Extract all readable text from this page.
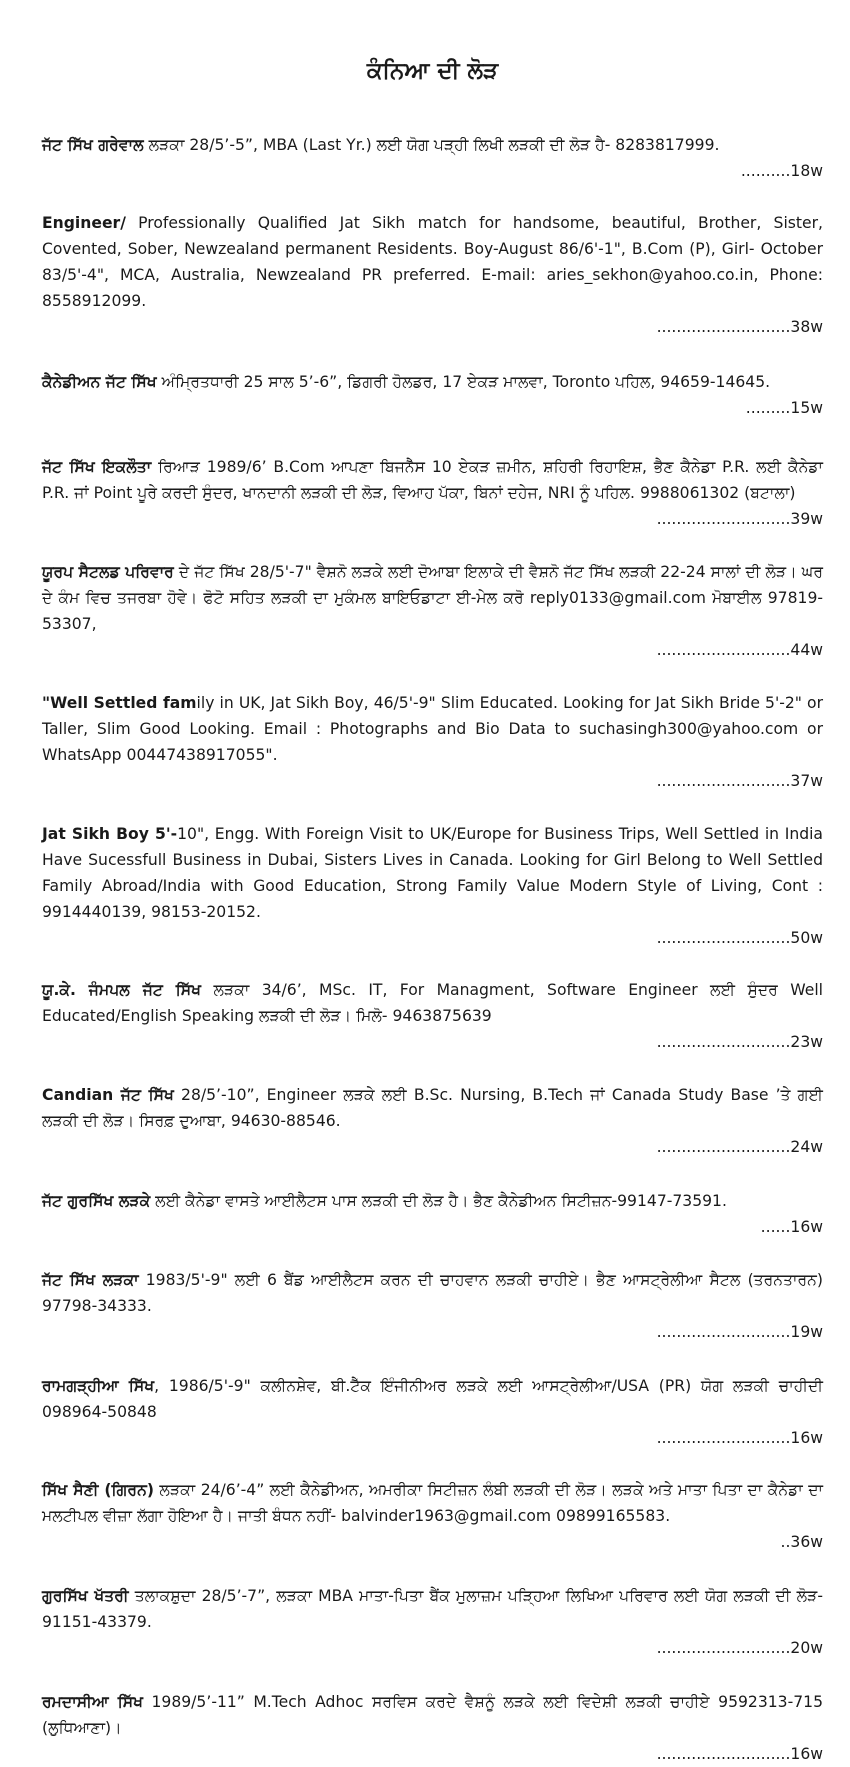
ਕੰਨਿਆ ਦੀ ਲੋੜ

ਜੱਟ ਸਿੱਖ ਗਰੇਵਾਲ ਲੜਕਾ 28/5’-5”, MBA (Last Yr.) ਲਈ ਯੋਗ ਪੜ੍ਹੀ ਲਿਖੀ ਲੜਕੀ ਦੀ ਲੋੜ ਹੈ- 8283817999.

..........18w

Engineer/ Professionally Qualified Jat Sikh match for handsome, beautiful, Brother, Sister, Covented, Sober, Newzealand permanent Residents. Boy-August 86/6'-1", B.Com (P), Girl- October 83/5'-4", MCA, Australia, Newzealand PR preferred. E-mail: aries_sekhon@yahoo.co.in, Phone: 8558912099.

...........................38w

ਕੈਨੇਡੀਅਨ ਜੱਟ ਸਿੱਖ ਅੰਮ੍ਰਿਤਧਾਰੀ 25 ਸਾਲ 5’-6”, ਡਿਗਰੀ ਹੋਲਡਰ, 17 ਏਕੜ ਮਾਲਵਾ, Toronto ਪਹਿਲ, 94659-14645.

.........15w

ਜੱਟ ਸਿੱਖ ਇਕਲੌਤਾ ਰਿਆੜ 1989/6’ B.Com ਆਪਣਾ ਬਿਜਨੈੱਸ 10 ਏਕੜ ਜ਼ਮੀਨ, ਸ਼ਹਿਰੀ ਰਿਹਾਇਸ਼, ਭੈਣ ਕੈਨੇਡਾ P.R. ਲਈ ਕੈਨੇਡਾ P.R. ਜਾਂ Point ਪੂਰੇ ਕਰਦੀ ਸੁੰਦਰ, ਖਾਨਦਾਨੀ ਲੜਕੀ ਦੀ ਲੋੜ, ਵਿਆਹ ਪੱਕਾ, ਬਿਨਾਂ ਦਹੇਜ, NRI ਨੂੰ ਪਹਿਲ. 9988061302 (ਬਟਾਲਾ)

...........................39w

ਯੂਰਪ ਸੈਟਲਡ ਪਰਿਵਾਰ ਦੇ ਜੱਟ ਸਿੱਖ 28/5'-7" ਵੈਸ਼ਨੋ ਲੜਕੇ ਲਈ ਦੋਆਬਾ ਇਲਾਕੇ ਦੀ ਵੈਸ਼ਨੋ ਜੱਟ ਸਿੱਖ ਲੜਕੀ 22-24 ਸਾਲਾਂ ਦੀ ਲੋੜ। ਘਰ ਦੇ ਕੰਮ ਵਿਚ ਤਜਰਬਾ ਹੋਵੇ। ਫੋਟੋ ਸਹਿਤ ਲੜਕੀ ਦਾ ਮੁਕੰਮਲ ਬਾਇਓਡਾਟਾ ਈ-ਮੇਲ ਕਰੋ reply0133@gmail.com ਮੋਬਾਈਲ 97819-53307,

...........................44w

"Well Settled family in UK, Jat Sikh Boy, 46/5'-9" Slim Educated. Looking for Jat Sikh Bride 5'-2" or Taller, Slim Good Looking. Email : Photographs and Bio Data to suchasingh300@yahoo.com or WhatsApp 00447438917055".

...........................37w

Jat Sikh Boy 5'-10", Engg. With Foreign Visit to UK/Europe for Business Trips, Well Settled in India Have Sucessfull Business in Dubai, Sisters Lives in Canada. Looking for Girl Belong to Well Settled Family Abroad/India with Good Education, Strong Family Value Modern Style of Living, Cont : 9914440139, 98153-20152.

...........................50w

ਯੂ.ਕੇ. ਜੰਮਪਲ ਜੱਟ ਸਿੱਖ ਲੜਕਾ 34/6’, MSc. IT, For Managment, Software Engineer ਲਈ ਸੁੰਦਰ Well Educated/English Speaking ਲੜਕੀ ਦੀ ਲੋੜ। ਮਿਲੋ- 9463875639

...........................23w

Candian ਜੱਟ ਸਿੱਖ 28/5’-10”, Engineer ਲੜਕੇ ਲਈ B.Sc. Nursing, B.Tech ਜਾਂ Canada Study Base ’ਤੇ ਗਈ ਲੜਕੀ ਦੀ ਲੋੜ। ਸਿਰਫ਼ ਦੁਆਬਾ, 94630-88546.

...........................24w

ਜੱਟ ਗੁਰਸਿੱਖ ਲੜਕੇ ਲਈ ਕੈਨੇਡਾ ਵਾਸਤੇ ਆਈਲੈਟਸ ਪਾਸ ਲੜਕੀ ਦੀ ਲੋੜ ਹੈ। ਭੈਣ ਕੈਨੇਡੀਅਨ ਸਿਟੀਜ਼ਨ-99147-73591.

......16w

ਜੱਟ ਸਿੱਖ ਲੜਕਾ 1983/5'-9" ਲਈ 6 ਬੈਂਡ ਆਈਲੈਟਸ ਕਰਨ ਦੀ ਚਾਹਵਾਨ ਲੜਕੀ ਚਾਹੀਏ। ਭੈਣ ਆਸਟ੍ਰੇਲੀਆ ਸੈਟਲ (ਤਰਨਤਾਰਨ) 97798-34333.

...........................19w

ਰਾਮਗੜ੍ਹੀਆ ਸਿੱਖ, 1986/5'-9" ਕਲੀਨਸ਼ੇਵ, ਬੀ.ਟੈੱਕ ਇੰਜੀਨੀਅਰ ਲੜਕੇ ਲਈ ਆਸਟ੍ਰੇਲੀਆ/USA (PR) ਯੋਗ ਲੜਕੀ ਚਾਹੀਦੀ 098964-50848

...........................16w

ਸਿੱਖ ਸੈਣੀ (ਗਿਰਨ) ਲੜਕਾ 24/6’-4” ਲਈ ਕੈਨੇਡੀਅਨ, ਅਮਰੀਕਾ ਸਿਟੀਜ਼ਨ ਲੰਬੀ ਲੜਕੀ ਦੀ ਲੋੜ। ਲੜਕੇ ਅਤੇ ਮਾਤਾ ਪਿਤਾ ਦਾ ਕੈਨੇਡਾ ਦਾ ਮਲਟੀਪਲ ਵੀਜ਼ਾ ਲੱਗਾ ਹੋਇਆ ਹੈ। ਜਾਤੀ ਬੰਧਨ ਨਹੀਂ- balvinder1963@gmail.com 09899165583.

..36w

ਗੁਰਸਿੱਖ ਖੱਤਰੀ ਤਲਾਕਸ਼ੁਦਾ 28/5’-7”, ਲੜਕਾ MBA ਮਾਤਾ-ਪਿਤਾ ਬੈਂਕ ਮੁਲਾਜ਼ਮ ਪੜ੍ਹਿਆ ਲਿਖਿਆ ਪਰਿਵਾਰ ਲਈ ਯੋਗ ਲੜਕੀ ਦੀ ਲੋੜ- 91151-43379.

...........................20w

ਰਮਦਾਸੀਆ ਸਿੱਖ 1989/5’-11” M.Tech Adhoc ਸਰਵਿਸ ਕਰਦੇ ਵੈਸ਼ਨੂੰ ਲੜਕੇ ਲਈ ਵਿਦੇਸ਼ੀ ਲੜਕੀ ਚਾਹੀਏ 9592313-715 (ਲੁਧਿਆਣਾ)।

...........................16w
